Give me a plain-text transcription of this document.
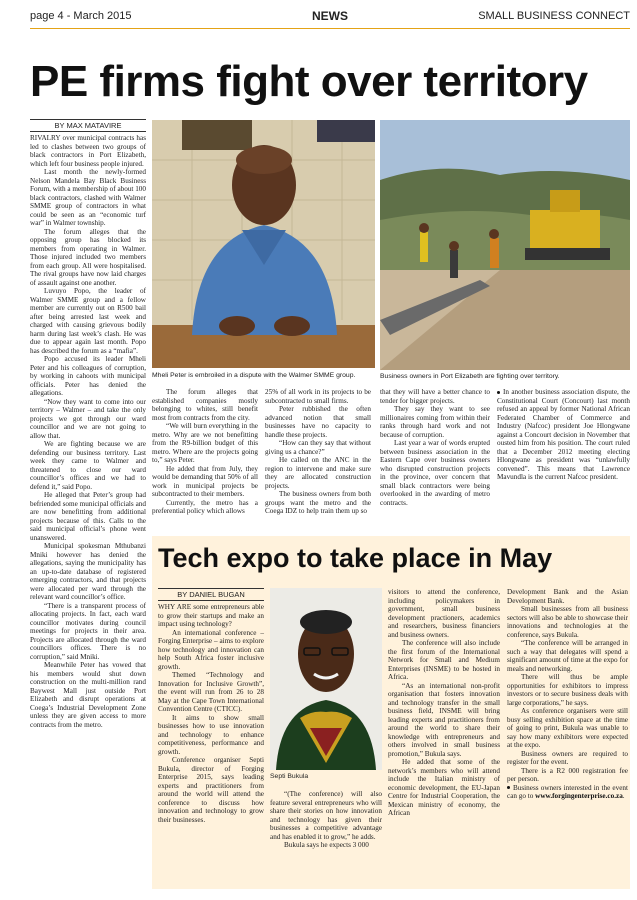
page 4 - March 2015	NEWS	SMALL BUSINESS CONNECT
PE firms fight over territory
BY MAX MATAVIRE

RIVALRY over municipal contracts has led to clashes between two groups of black contractors in Port Elizabeth, which left four business people injured.

Last month the newly-formed Nelson Mandela Bay Black Business Forum, with a membership of about 100 black contractors, clashed with Walmer SMME group of contractors in what could be seen as an “economic turf war” in Walmer township.

The forum alleges that the opposing group has blocked its members from operating in Walmer. Those injured included two members from each group. All were hospitalised. The rival groups have now laid charges of assault against one another.

Luvuyo Popo, the leader of Walmer SMME group and a fellow member are currently out on R500 bail after being arrested last week and charged with causing grievous bodily harm during last week’s clash. He was due to appear again last month. Popo has described the forum as a “mafia”.

Popo accused its leader Mheli Peter and his colleagues of corruption, by working in cahoots with municipal officials. Peter has denied the allegations.

“Now they want to come into our territory – Walmer – and take the only projects we got through our ward councillor and we are not going to allow that.

We are fighting because we are defending our business territory. Last week they came to Walmer and threatened to close our ward councillor’s offices and we had to defend it,” said Popo.

He alleged that Peter’s group had befriended some municipal officials and are now benefitting from additional projects because of this. Calls to the said municipal official’s phone went unanswered.

Municipal spokesman Mthubanzi Mniki however has denied the allegations, saying the municipality has an up-to-date database of registered emerging contractors, and that projects were allocated per ward through the relevant ward councillor’s office.

“There is a transparent process of allocating projects. In fact, each ward councillor motivates during council meetings for projects in their area. Projects are allocated through the ward councillors offices. There is no corruption,” said Mniki.

Meanwhile Peter has vowed that his members would shut down construction on the multi-million rand Baywest Mall just outside Port Elizabeth and disrupt operations at Coega’s Industrial Development Zone unless they are given access to more contracts from the metro.

Mheli Peter is embroiled in a dispute with the Walmer SMME group.	Business owners in Port Elizabeth are fighting over territory.

The forum alleges that established companies mostly belonging to whites, still benefit most from contracts from the city.

“We will burn everything in the metro. Why are we not benefitting from the R9-billion budget of this metro. Where are the projects going to,” says Peter.

He added that from July, they would be demanding that 50% of all work in municipal projects be subcontracted to their members.

Currently, the metro has a preferential policy which allows

25% of all work in its projects to be subcontracted to small firms.

Peter rubbished the often advanced notion that small businesses have no capacity to handle these projects.

“How can they say that without giving us a chance?”

He called on the ANC in the region to intervene and make sure they are allocated construction projects.

The business owners from both groups want the metro and the Coega IDZ to help train them up so

that they will have a better chance to tender for bigger projects.

They say they want to see millionaires coming from within their ranks through hard work and not because of corruption.

Last year a war of words erupted between business association in the Eastern Cape over business owners who disrupted construction projects in the province, over concern that small black contractors were being overlooked in the awarding of metro contracts.

In another business association dispute, the Constitutional Court (Concourt) last month refused an appeal by former National African Federated Chamber of Commerce and Industry (Nafcoc) president Joe Hlongwane against a Concourt decision in November that ousted him from his position. The court ruled that a December 2012 meeting electing Hlongwane as president was “unlawfully convened”. This means that Lawrence Mavundla is the current Nafcoc president.

Tech expo to take place in May
BY DANIEL BUGAN

WHY ARE some entrepreneurs able to grow their startups and make an impact using technology?

An international conference – Forging Enterprise – aims to explore how technology and innovation can help South Africa foster inclusive growth.

Themed “Technology and Innovation for Inclusive Growth”, the event will run from 26 to 28 May at the Cape Town International Convention Centre (CTICC).

It aims to show small businesses how to use innovation and technology to enhance competitiveness, performance and growth.

Conference organiser Septi Bukula, director of Forging Enterprise 2015, says leading experts and practitioners from around the world will attend the conference to discuss how innovation and technology to grow their businesses.

Septi Bukula

“(The conference) will also feature several entrepreneurs who will share their stories on how innovation and technology has given their businesses a competitive advantage and has enabled it to grow,” he adds.

Bukula says he expects 3 000

visitors to attend the conference, including policymakers in government, small business development practioners, academics and researchers, business financiers and business owners.

The conference will also include the first forum of the International Network for Small and Medium Enterprises (INSME) to be hosted in Africa.

“As an international non-profit organisation that fosters innovation and technology transfer in the small business field, INSME will bring leading experts and practitioners from around the world to share their knowledge with entrepreneurs and others involved in small business promotion,” Bukula says.

He added that some of the network’s members who will attend include the Italian ministry of economic development, the EU-Japan Centre for Industrial Cooperation, the Mexican ministry of economy, the African

Development Bank and the Asian Development Bank.

Small businesses from all business sectors will also be able to showcase their innovations and technologies at the conference, says Bukula.

“The conference will be arranged in such a way that delegates will spend a significant amount of time at the expo for meals and networking.

There will thus be ample opportunities for exhibitors to impress investors or to secure business deals with large corporations,” he says.

As conference organisers were still busy selling exhibition space at the time of going to print, Bukula was unable to say how many exhibitors were expected at the expo.

Business owners are required to register for the event.

There is a R2 000 registration fee per person.

Business owners interested in the event can go to www.forgingenterprise.co.za.
